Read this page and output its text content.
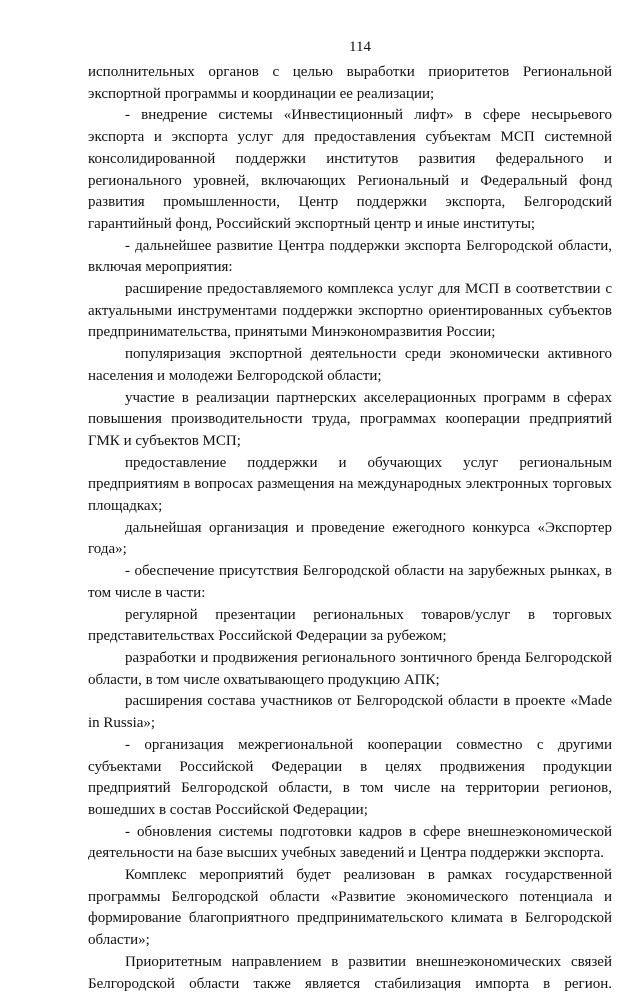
114

исполнительных органов с целью выработки приоритетов Региональной экспортной программы и координации ее реализации;

- внедрение системы «Инвестиционный лифт» в сфере несырьевого экспорта и экспорта услуг для предоставления субъектам МСП системной консолидированной поддержки институтов развития федерального и регионального уровней, включающих Региональный и Федеральный фонд развития промышленности, Центр поддержки экспорта, Белгородский гарантийный фонд, Российский экспортный центр и иные институты;

- дальнейшее развитие Центра поддержки экспорта Белгородской области, включая мероприятия:

расширение предоставляемого комплекса услуг для МСП в соответствии с актуальными инструментами поддержки экспортно ориентированных субъектов предпринимательства, принятыми Минэкономразвития России;

популяризация экспортной деятельности среди экономически активного населения и молодежи Белгородской области;

участие в реализации партнерских акселерационных программ в сферах повышения производительности труда, программах кооперации предприятий ГМК и субъектов МСП;

предоставление поддержки и обучающих услуг региональным предприятиям в вопросах размещения на международных электронных торговых площадках;

дальнейшая организация и проведение ежегодного конкурса «Экспортер года»;

- обеспечение присутствия Белгородской области на зарубежных рынках, в том числе в части:

регулярной презентации региональных товаров/услуг в торговых представительствах Российской Федерации за рубежом;

разработки и продвижения регионального зонтичного бренда Белгородской области, в том числе охватывающего продукцию АПК;

расширения состава участников от Белгородской области в проекте «Made in Russia»;

- организация межрегиональной кооперации совместно с другими субъектами Российской Федерации в целях продвижения продукции предприятий Белгородской области, в том числе на территории регионов, вошедших в состав Российской Федерации;

- обновления системы подготовки кадров в сфере внешнеэкономической деятельности на базе высших учебных заведений и Центра поддержки экспорта.

Комплекс мероприятий будет реализован в рамках государственной программы Белгородской области «Развитие экономического потенциала и формирование благоприятного предпринимательского климата в Белгородской области»;

Приоритетным направлением в развитии внешнеэкономических связей Белгородской области также является стабилизация импорта в регион.
